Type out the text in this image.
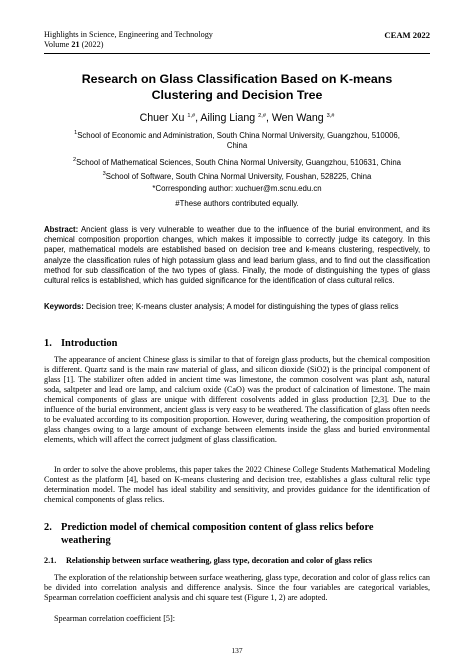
Highlights in Science, Engineering and Technology
Volume 21 (2022)
CEAM 2022
Research on Glass Classification Based on K-means
Clustering and Decision Tree
Chuer Xu $^{1,\#}$, Ailing Liang $^{2,\#}$, Wen Wang $^{3,\#}$
$^1$School of Economic and Administration, South China Normal University, Guangzhou, 510006,
China
$^2$School of Mathematical Sciences, South China Normal University, Guangzhou, 510631, China
$^3$School of Software, South China Normal University, Foushan, 528225, China
*Corresponding author: xuchuer@m.scnu.edu.cn
#These authors contributed equally.
Abstract: Ancient glass is very vulnerable to weather due to the influence of the burial environment, and its chemical composition proportion changes, which makes it impossible to correctly judge its category. In this paper, mathematical models are established based on decision tree and k-means clustering, respectively, to analyze the classification rules of high potassium glass and lead barium glass, and to find out the classification method for sub classification of the two types of glass. Finally, the mode of distinguishing the types of glass cultural relics is established, which has guided significance for the identification of class cultural relics.
Keywords: Decision tree; K-means cluster analysis; A model for distinguishing the types of glass relics
1. Introduction
The appearance of ancient Chinese glass is similar to that of foreign glass products, but the chemical composition is different. Quartz sand is the main raw material of glass, and silicon dioxide (SiO2) is the principal component of glass [1]. The stabilizer often added in ancient time was limestone, the common cosolvent was plant ash, natural soda, saltpeter and lead ore lamp, and calcium oxide (CaO) was the product of calcination of limestone. The main chemical components of glass are unique with different cosolvents added in glass production [2,3]. Due to the influence of the burial environment, ancient glass is very easy to be weathered. The classification of glass often needs to be evaluated according to its composition proportion. However, during weathering, the composition proportion of glass changes owing to a large amount of exchange between elements inside the glass and buried environmental elements, which will affect the correct judgment of glass classification.
In order to solve the above problems, this paper takes the 2022 Chinese College Students Mathematical Modeling Contest as the platform [4], based on K-means clustering and decision tree, establishes a glass cultural relic type determination model. The model has ideal stability and sensitivity, and provides guidance for the identification of chemical components of glass relics.
2. Prediction model of chemical composition content of glass relics before
weathering
2.1. Relationship between surface weathering, glass type, decoration and color of glass relics
The exploration of the relationship between surface weathering, glass type, decoration and color of glass relics can be divided into correlation analysis and difference analysis. Since the four variables are categorical variables, Spearman correlation coefficient analysis and chi square test (Figure 1, 2) are adopted.
Spearman correlation coefficient [5]:
137
